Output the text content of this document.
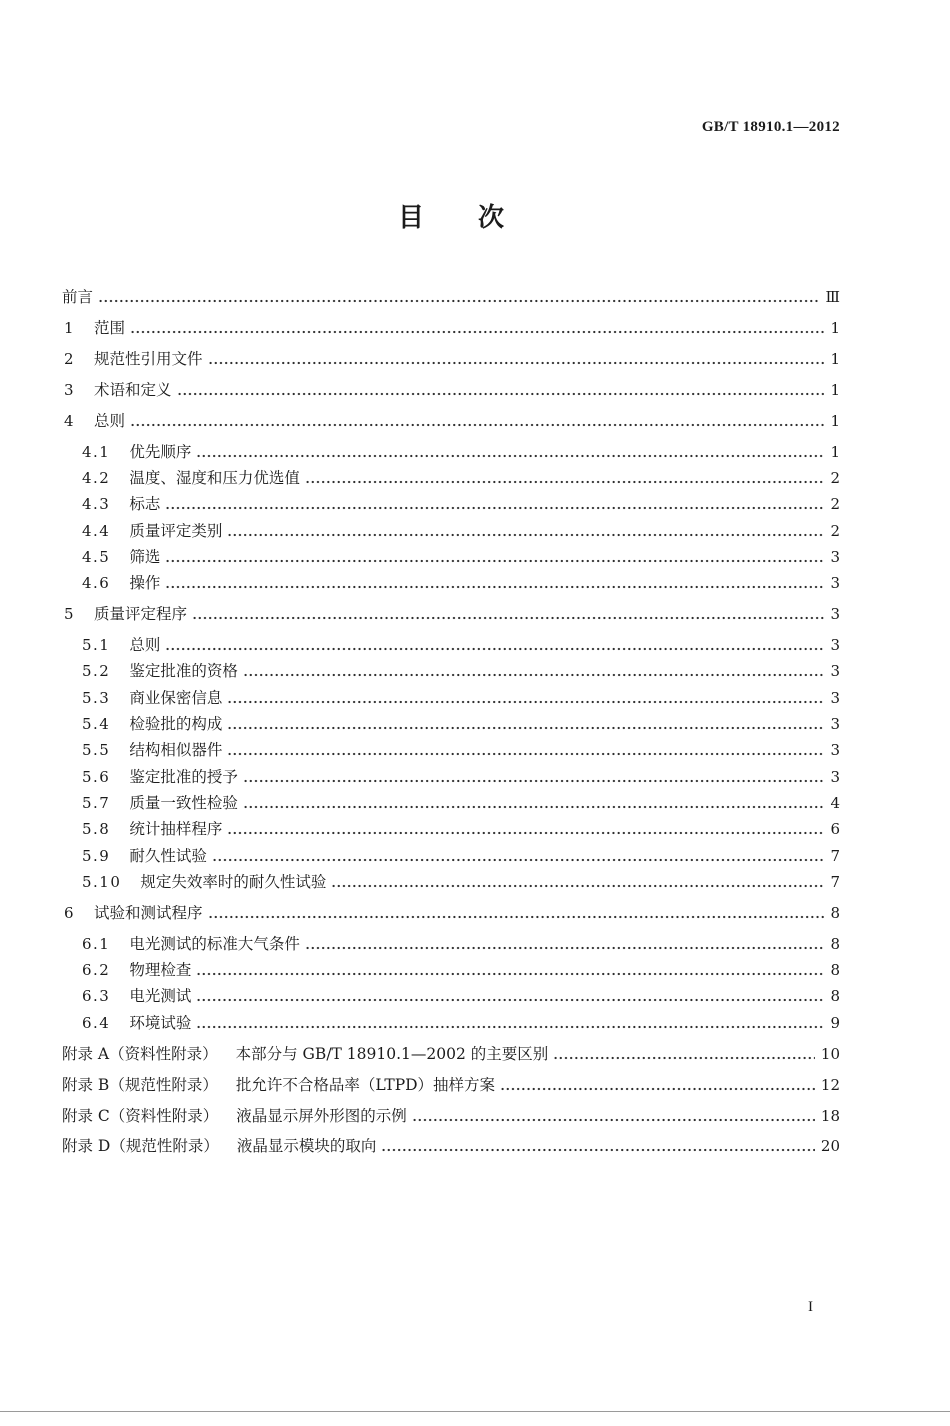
GB/T 18910.1—2012
目次
前言	Ⅲ
1 范围	1
2 规范性引用文件	1
3 术语和定义	1
4 总则	1
4.1 优先顺序	1
4.2 温度、湿度和压力优选值	2
4.3 标志	2
4.4 质量评定类别	2
4.5 筛选	3
4.6 操作	3
5 质量评定程序	3
5.1 总则	3
5.2 鉴定批准的资格	3
5.3 商业保密信息	3
5.4 检验批的构成	3
5.5 结构相似器件	3
5.6 鉴定批准的授予	3
5.7 质量一致性检验	4
5.8 统计抽样程序	6
5.9 耐久性试验	7
5.10 规定失效率时的耐久性试验	7
6 试验和测试程序	8
6.1 电光测试的标准大气条件	8
6.2 物理检查	8
6.3 电光测试	8
6.4 环境试验	9
附录 A（资料性附录） 本部分与 GB/T 18910.1—2002 的主要区别	10
附录 B（规范性附录） 批允许不合格品率（LTPD）抽样方案	12
附录 C（资料性附录） 液晶显示屏外形图的示例	18
附录 D（规范性附录） 液晶显示模块的取向	20
I
